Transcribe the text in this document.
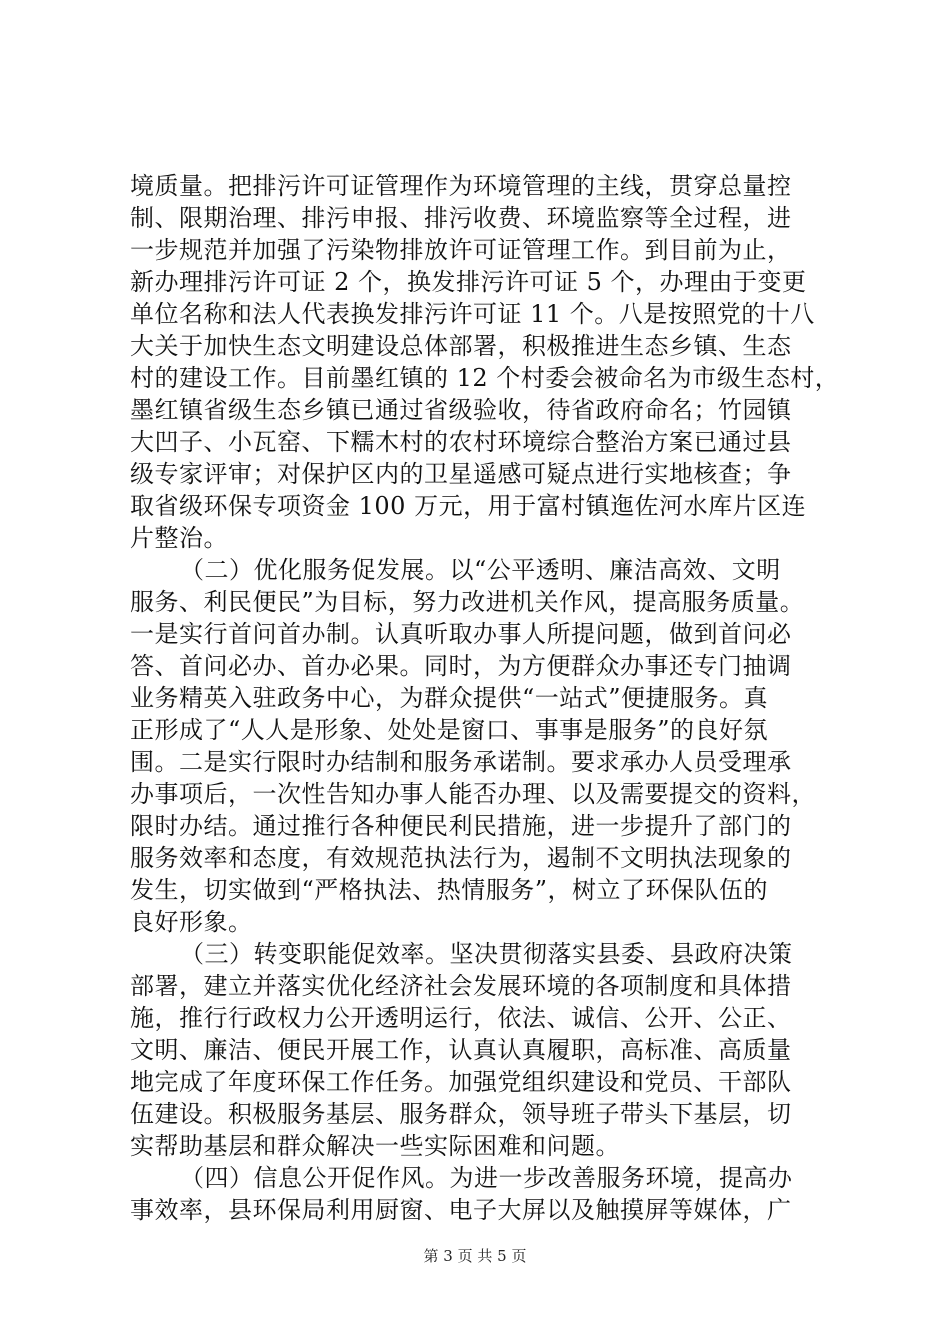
境质量。把排污许可证管理作为环境管理的主线，贯穿总量控
制、限期治理、排污申报、排污收费、环境监察等全过程，进
一步规范并加强了污染物排放许可证管理工作。到目前为止，
新办理排污许可证 2 个，换发排污许可证 5 个，办理由于变更
单位名称和法人代表换发排污许可证 11 个。八是按照党的十八
大关于加快生态文明建设总体部署，积极推进生态乡镇、生态
村的建设工作。目前墨红镇的 12 个村委会被命名为市级生态村，
墨红镇省级生态乡镇已通过省级验收，待省政府命名；竹园镇
大凹子、小瓦窑、下糯木村的农村环境综合整治方案已通过县
级专家评审；对保护区内的卫星遥感可疑点进行实地核查；争
取省级环保专项资金 100 万元，用于富村镇迤佐河水库片区连
片整治。
（二）优化服务促发展。以“公平透明、廉洁高效、文明
服务、利民便民”为目标，努力改进机关作风，提高服务质量。
一是实行首问首办制。认真听取办事人所提问题，做到首问必
答、首问必办、首办必果。同时，为方便群众办事还专门抽调
业务精英入驻政务中心，为群众提供“一站式”便捷服务。真
正形成了“人人是形象、处处是窗口、事事是服务”的良好氛
围。二是实行限时办结制和服务承诺制。要求承办人员受理承
办事项后，一次性告知办事人能否办理、以及需要提交的资料，
限时办结。通过推行各种便民利民措施，进一步提升了部门的
服务效率和态度，有效规范执法行为，遏制不文明执法现象的
发生，切实做到“严格执法、热情服务”，树立了环保队伍的
良好形象。
（三）转变职能促效率。坚决贯彻落实县委、县政府决策
部署，建立并落实优化经济社会发展环境的各项制度和具体措
施，推行行政权力公开透明运行，依法、诚信、公开、公正、
文明、廉洁、便民开展工作，认真认真履职，高标准、高质量
地完成了年度环保工作任务。加强党组织建设和党员、干部队
伍建设。积极服务基层、服务群众，领导班子带头下基层，切
实帮助基层和群众解决一些实际困难和问题。
（四）信息公开促作风。为进一步改善服务环境，提高办
事效率，县环保局利用厨窗、电子大屏以及触摸屏等媒体，广
第 3 页 共 5 页
